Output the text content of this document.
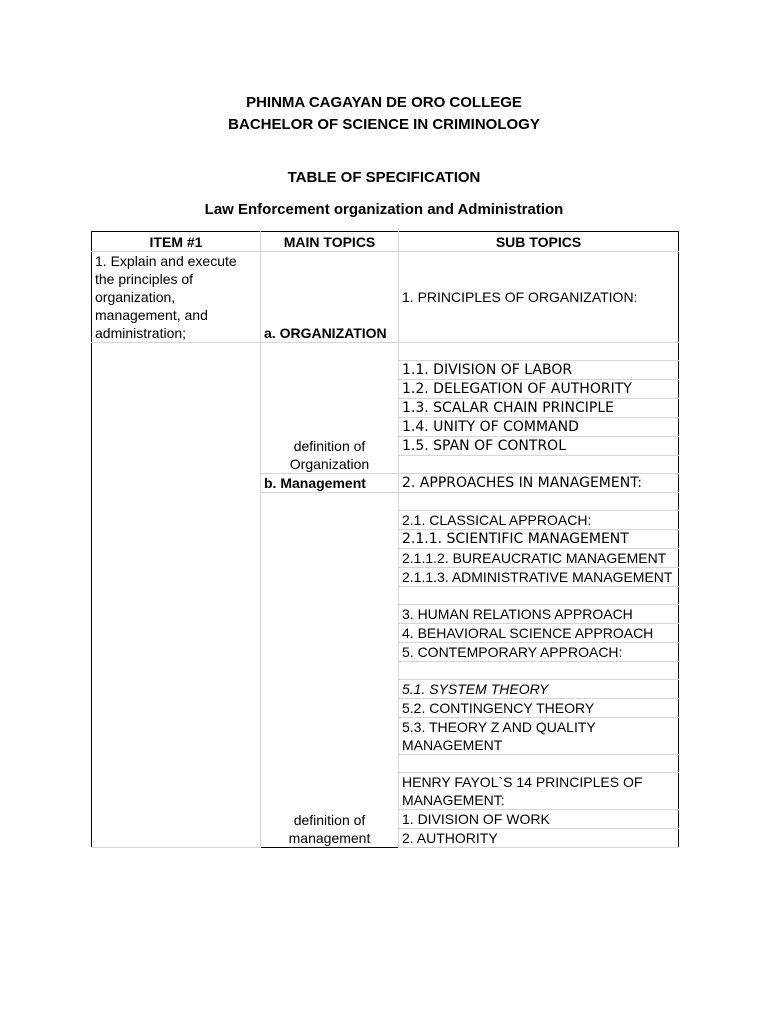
PHINMA CAGAYAN DE ORO COLLEGE

BACHELOR OF SCIENCE IN CRIMINOLOGY

TABLE OF SPECIFICATION

Law Enforcement organization and Administration

ITEM #1	MAIN TOPICS	SUB TOPICS
1. Explain and execute the principles of organization, management, and administration;	a. ORGANIZATION	1. PRINCIPLES OF ORGANIZATION:
	definition of Organization	
		1.1. DIVISION OF LABOR
		1.2. DELEGATION OF AUTHORITY
		1.3. SCALAR CHAIN PRINCIPLE
		1.4. UNITY OF COMMAND
		1.5. SPAN OF CONTROL

	b. Management	2. APPROACHES IN MANAGEMENT:
	definition of management	
		2.1. CLASSICAL APPROACH:
		2.1.1. SCIENTIFIC MANAGEMENT
		2.1.1.2. BUREAUCRATIC MANAGEMENT
		2.1.1.3. ADMINISTRATIVE MANAGEMENT

		3. HUMAN RELATIONS APPROACH
		4. BEHAVIORAL SCIENCE APPROACH
		5. CONTEMPORARY APPROACH:

		5.1. SYSTEM THEORY
		5.2. CONTINGENCY THEORY
		5.3. THEORY Z AND QUALITY MANAGEMENT

		HENRY FAYOL`S 14 PRINCIPLES OF MANAGEMENT:
		1. DIVISION OF WORK
		2. AUTHORITY
